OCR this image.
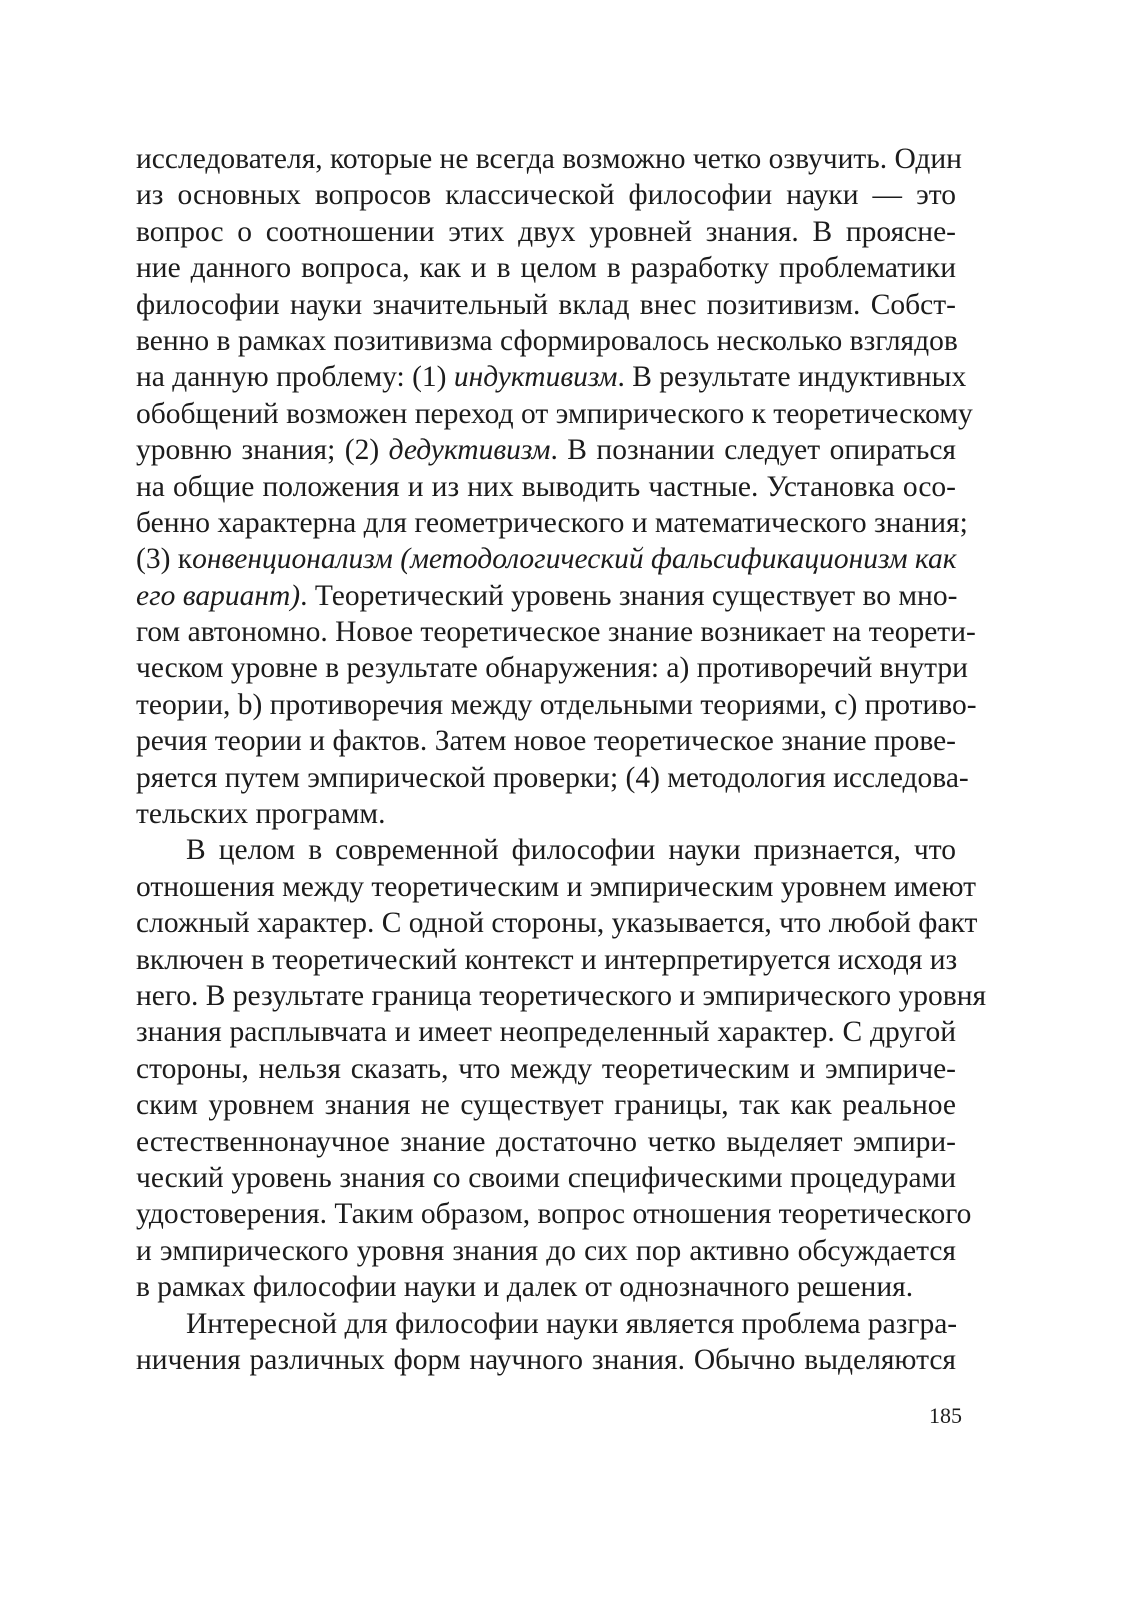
исследователя, которые не всегда возможно четко озвучить. Один
из основных вопросов классической философии науки — это
вопрос о соотношении этих двух уровней знания. В проясне-
ние данного вопроса, как и в целом в разработку проблематики
философии науки значительный вклад внес позитивизм. Собст-
венно в рамках позитивизма сформировалось несколько взглядов
на данную проблему: (1) индуктивизм. В результате индуктивных
обобщений возможен переход от эмпирического к теоретическому
уровню знания; (2) дедуктивизм. В познании следует опираться
на общие положения и из них выводить частные. Установка осо-
бенно характерна для геометрического и математического знания;
(3) конвенционализм (методологический фальсификационизм как
его вариант). Теоретический уровень знания существует во мно-
гом автономно. Новое теоретическое знание возникает на теорети-
ческом уровне в результате обнаружения: а) противоречий внутри
теории, b) противоречия между отдельными теориями, c) противо-
речия теории и фактов. Затем новое теоретическое знание прове-
ряется путем эмпирической проверки; (4) методология исследова-
тельских программ.
В целом в современной философии науки признается, что
отношения между теоретическим и эмпирическим уровнем имеют
сложный характер. С одной стороны, указывается, что любой факт
включен в теоретический контекст и интерпретируется исходя из
него. В результате граница теоретического и эмпирического уровня
знания расплывчата и имеет неопределенный характер. С другой
стороны, нельзя сказать, что между теоретическим и эмпириче-
ским уровнем знания не существует границы, так как реальное
естественнонаучное знание достаточно четко выделяет эмпири-
ческий уровень знания со своими специфическими процедурами
удостоверения. Таким образом, вопрос отношения теоретического
и эмпирического уровня знания до сих пор активно обсуждается
в рамках философии науки и далек от однозначного решения.
Интересной для философии науки является проблема разгра-
ничения различных форм научного знания. Обычно выделяются
185
